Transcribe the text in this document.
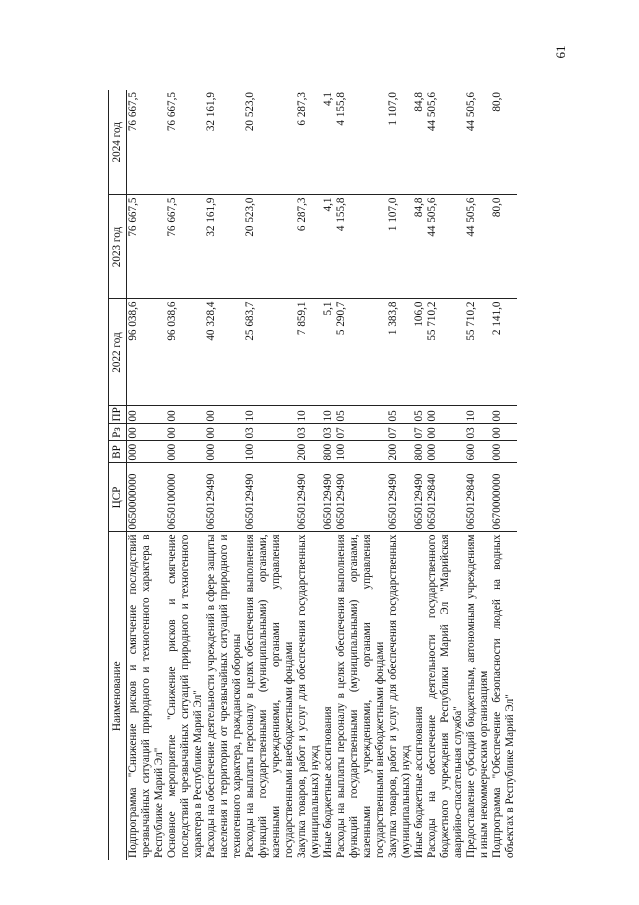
61
Наименование	ЦСР	ВР	Рз	ПР	2022 год	2023 год	2024 год
Подпрограмма "Снижение рисков и смягчение последствий чрезвычайных ситуаций природного и техногенного характера в Республике Марий Эл"	0650000000	000	00	00	96 038,6	76 667,5	76 667,5
Основное мероприятие "Снижение рисков и смягчение последствий чрезвычайных ситуаций природного и техногенного характера в Республике Марий Эл"	0650100000	000	00	00	96 038,6	76 667,5	76 667,5
Расходы на обеспечение деятельности учреждений в сфере защиты населения и территории от чрезвычайных ситуаций природного и техногенного характера, гражданской обороны	0650129490	000	00	00	40 328,4	32 161,9	32 161,9
Расходы на выплаты персоналу в целях обеспечения выполнения функций государственными (муниципальными) органами, казенными учреждениями, органами управления государственными внебюджетными фондами	0650129490	100	03	10	25 683,7	20 523,0	20 523,0
Закупка товаров, работ и услуг для обеспечения государственных (муниципальных) нужд	0650129490	200	03	10	7 859,1	6 287,3	6 287,3
Иные бюджетные ассигнования	0650129490	800	03	10	5,1	4,1	4,1
Расходы на выплаты персоналу в целях обеспечения выполнения функций государственными (муниципальными) органами, казенными учреждениями, органами управления государственными внебюджетными фондами	0650129490	100	07	05	5 290,7	4 155,8	4 155,8
Закупка товаров, работ и услуг для обеспечения государственных (муниципальных) нужд	0650129490	200	07	05	1 383,8	1 107,0	1 107,0
Иные бюджетные ассигнования	0650129490	800	07	05	106,0	84,8	84,8
Расходы на обеспечение деятельности государственного бюджетного учреждения Республики Марий Эл "Марийская аварийно-спасательная служба"	0650129840	000	00	00	55 710,2	44 505,6	44 505,6
Предоставление субсидий бюджетным, автономным учреждениям и иным некоммерческим организациям	0650129840	600	03	10	55 710,2	44 505,6	44 505,6
Подпрограмма "Обеспечение безопасности людей на водных объектах в Республике Марий Эл"	0670000000	000	00	00	2 141,0	80,0	80,0
